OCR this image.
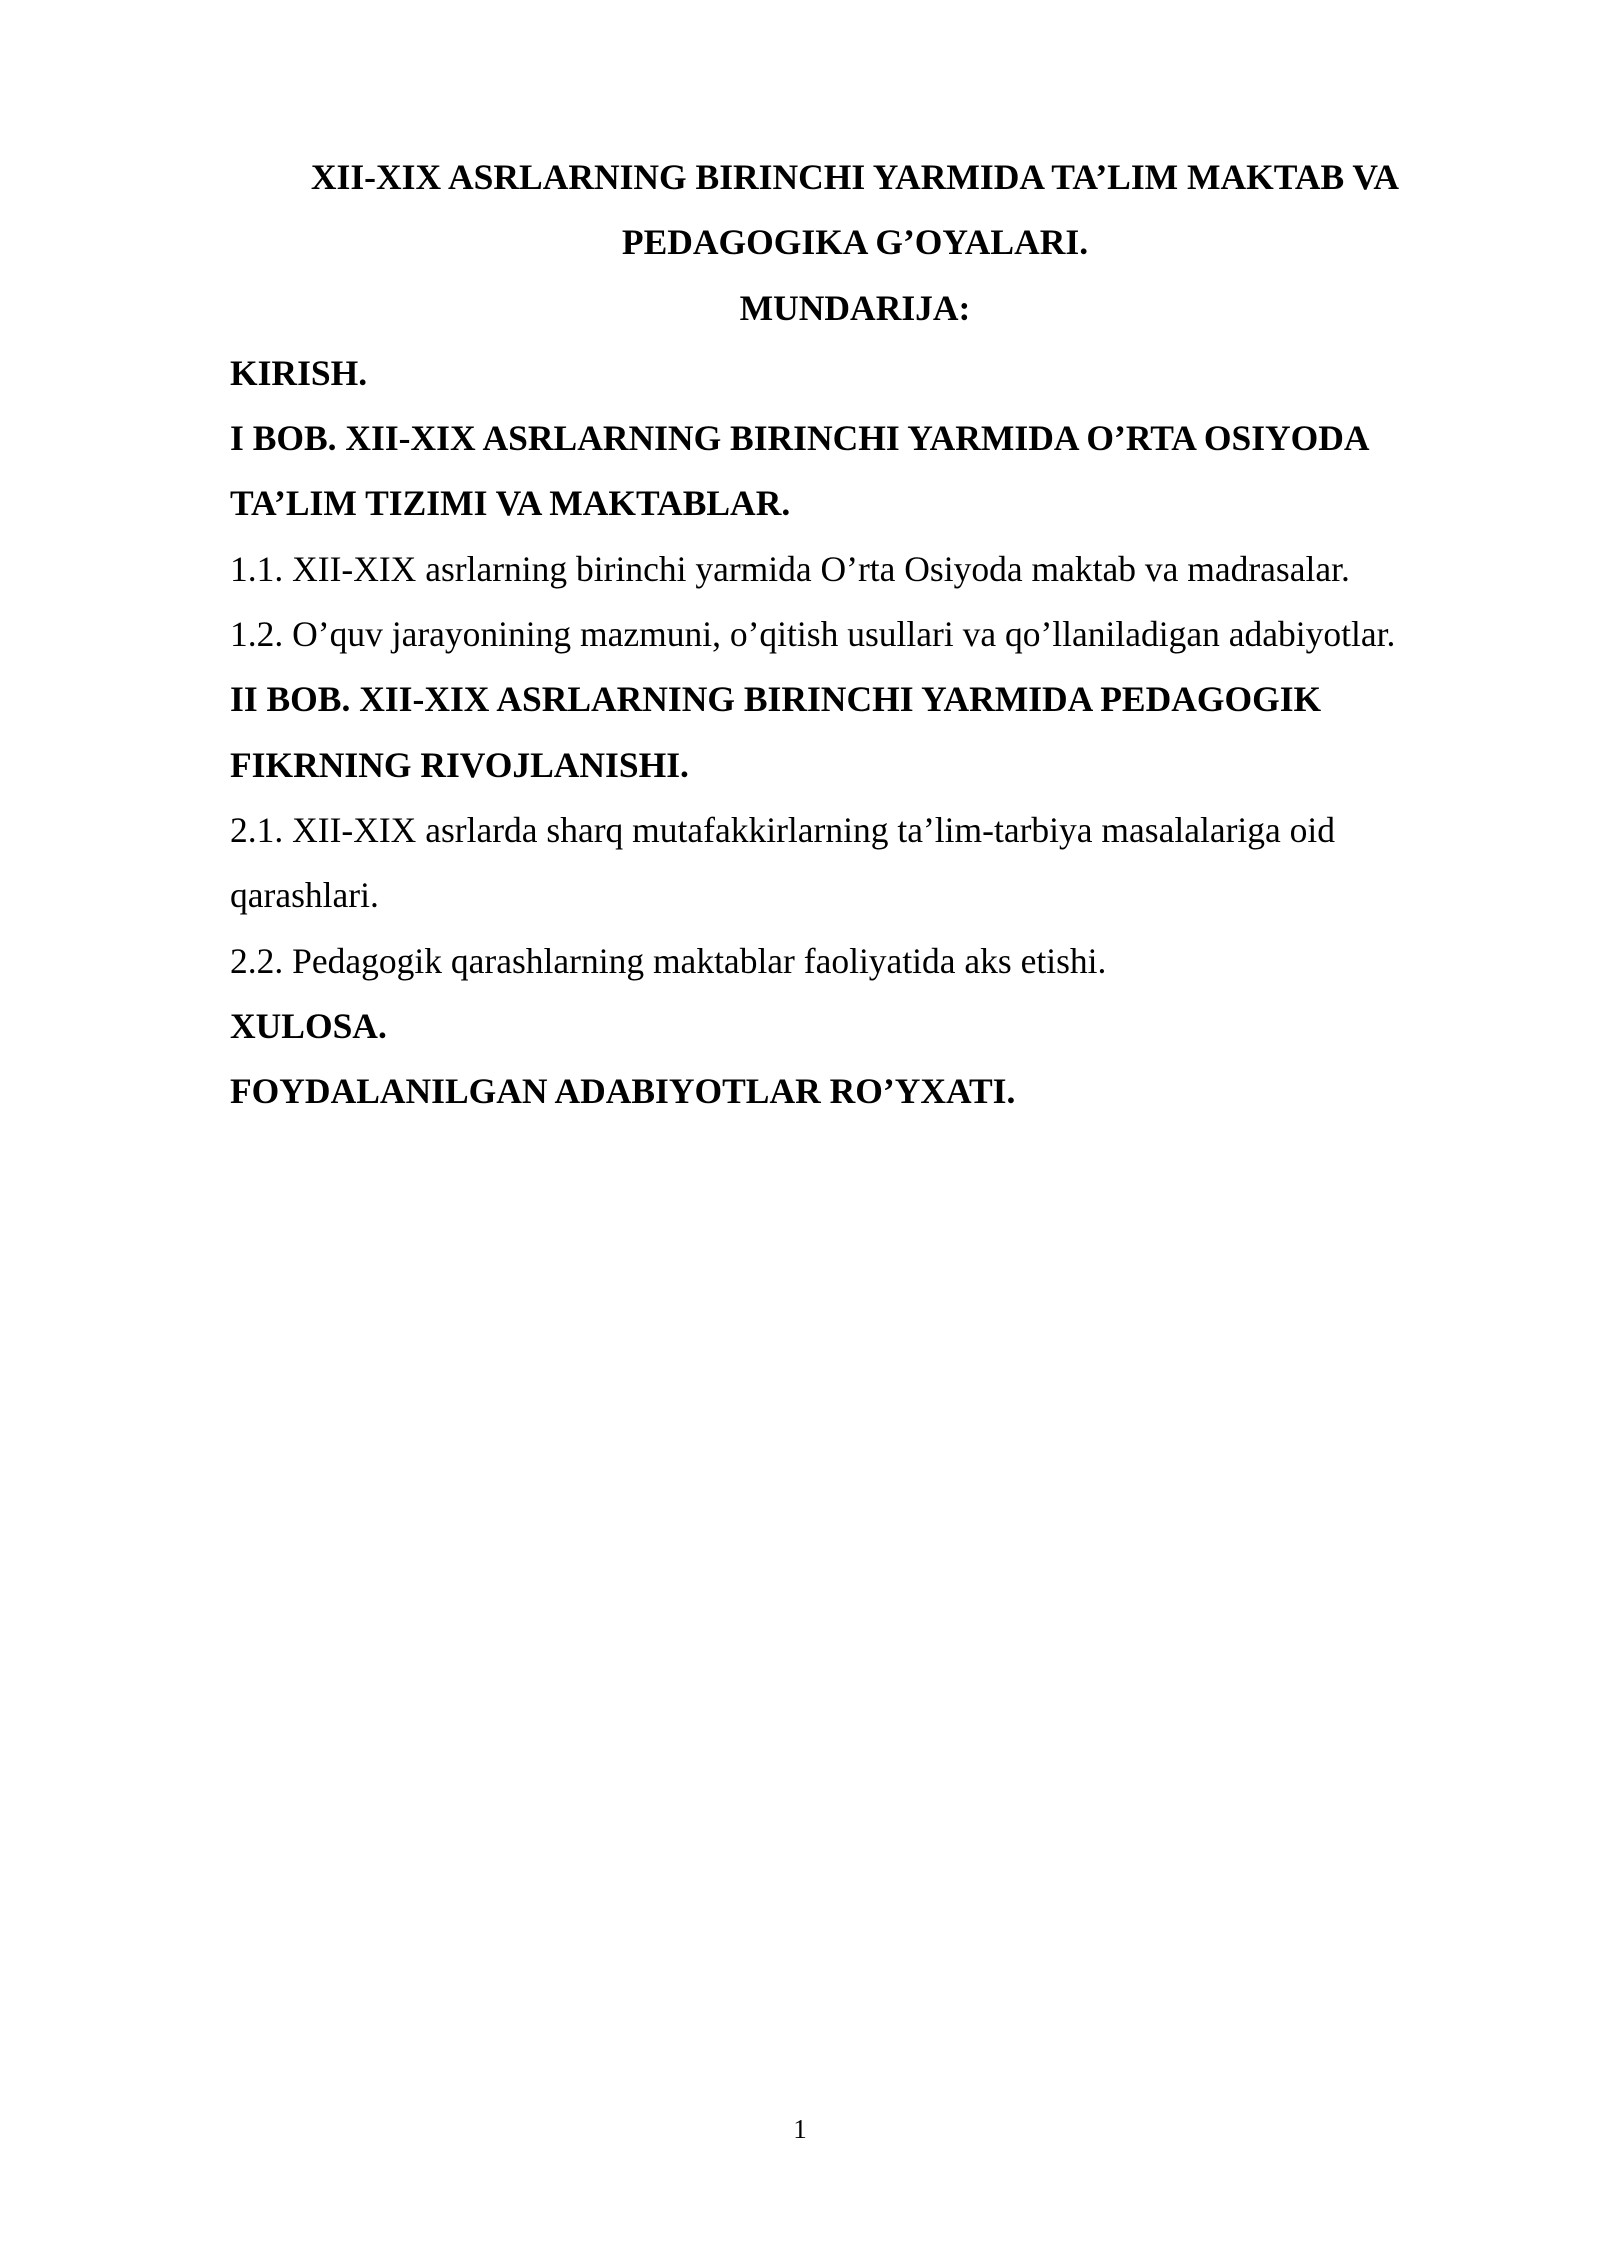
XII-XIX ASRLARNING BIRINCHI YARMIDA TA’LIM MAKTAB VA

PEDAGOGIKA G’OYALARI.

MUNDARIJA:

KIRISH.

I BOB. XII-XIX ASRLARNING BIRINCHI YARMIDA O’RTA OSIYODA

TA’LIM TIZIMI VA MAKTABLAR.

1.1. XII-XIX asrlarning birinchi yarmida O’rta Osiyoda maktab va madrasalar.

1.2. O’quv jarayonining mazmuni, o’qitish usullari va qo’llaniladigan adabiyotlar.

II BOB. XII-XIX ASRLARNING BIRINCHI YARMIDA PEDAGOGIK

FIKRNING RIVOJLANISHI.

2.1. XII-XIX asrlarda sharq mutafakkirlarning ta’lim-tarbiya masalalariga oid

qarashlari.

2.2. Pedagogik qarashlarning maktablar faoliyatida aks etishi.

XULOSA.

FOYDALANILGAN ADABIYOTLAR RO’YXATI.

1
